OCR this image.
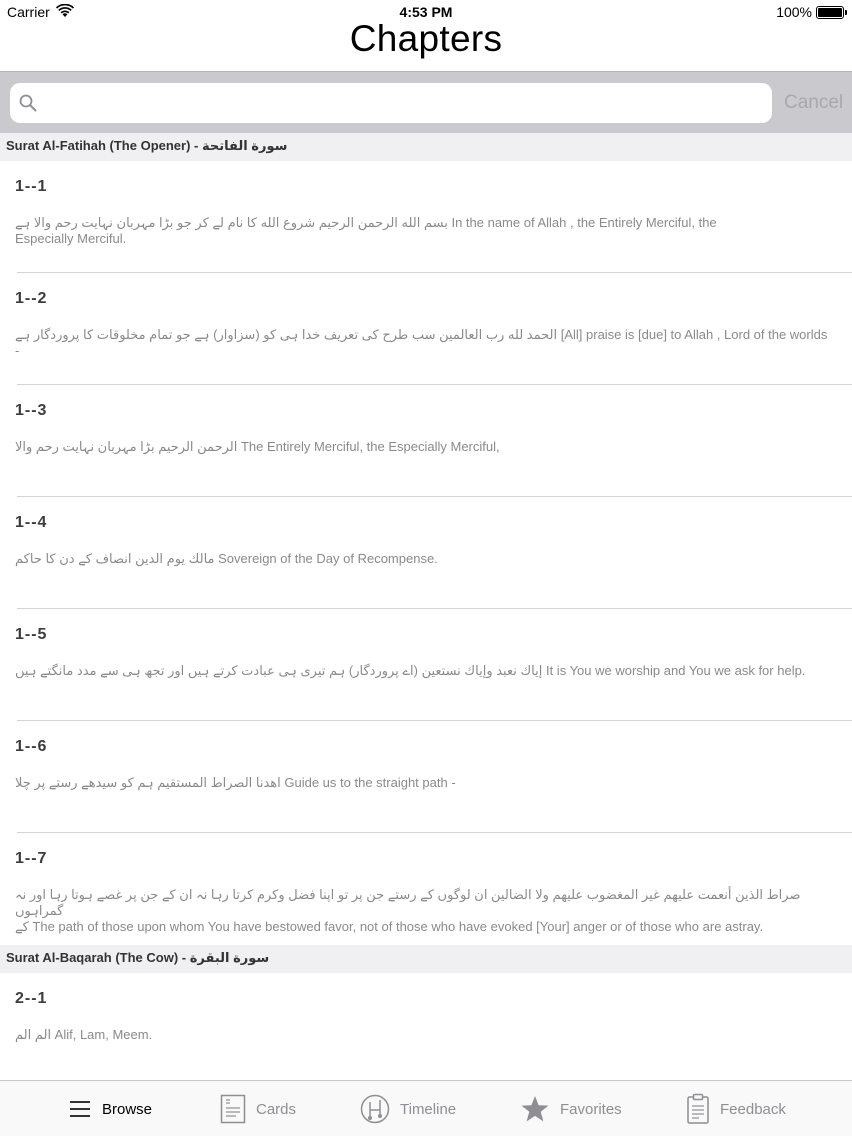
Carrier	4:53 PM	100%
Chapters
Cancel
Surat Al-Fatihah (The Opener) - سورة الفاتحة
1--1
بسم الله الرحمن الرحيم شروع الله کا نام لے کر جو بڑا مہربان نہایت رحم والا ہے In the name of Allah , the Entirely Merciful, the
Especially Merciful.
1--2
الحمد لله رب العالمين سب طرح کی تعریف خدا ہی کو (سزاوار) ہے جو تمام مخلوقات کا پروردگار ہے [All] praise is [due] to Allah , Lord of the worlds
-
1--3
الرحمن الرحيم بڑا مہربان نہایت رحم والا The Entirely Merciful, the Especially Merciful,
1--4
مالك يوم الدين انصاف کے دن کا حاکم Sovereign of the Day of Recompense.
1--5
إياك نعبد وإياك نستعين (اے پروردگار) ہم تیری ہی عبادت کرتے ہیں اور تجھ ہی سے مدد مانگتے ہیں It is You we worship and You we ask for help.
1--6
اهدنا الصراط المستقيم ہم کو سیدھے رستے پر چلا Guide us to the straight path -
1--7
صراط الذين أنعمت عليهم غير المغضوب عليهم ولا الضالين ان لوگوں کے رستے جن پر تو اپنا فضل وکرم کرتا رہا نہ ان کے جن پر غصے ہوتا رہا اور نہ گمراہوں
کے The path of those upon whom You have bestowed favor, not of those who have evoked [Your] anger or of those who are astray.
Surat Al-Baqarah (The Cow) - سورة البقرة
2--1
الم الم Alif, Lam, Meem.
Browse	Cards	Timeline	Favorites	Feedback
